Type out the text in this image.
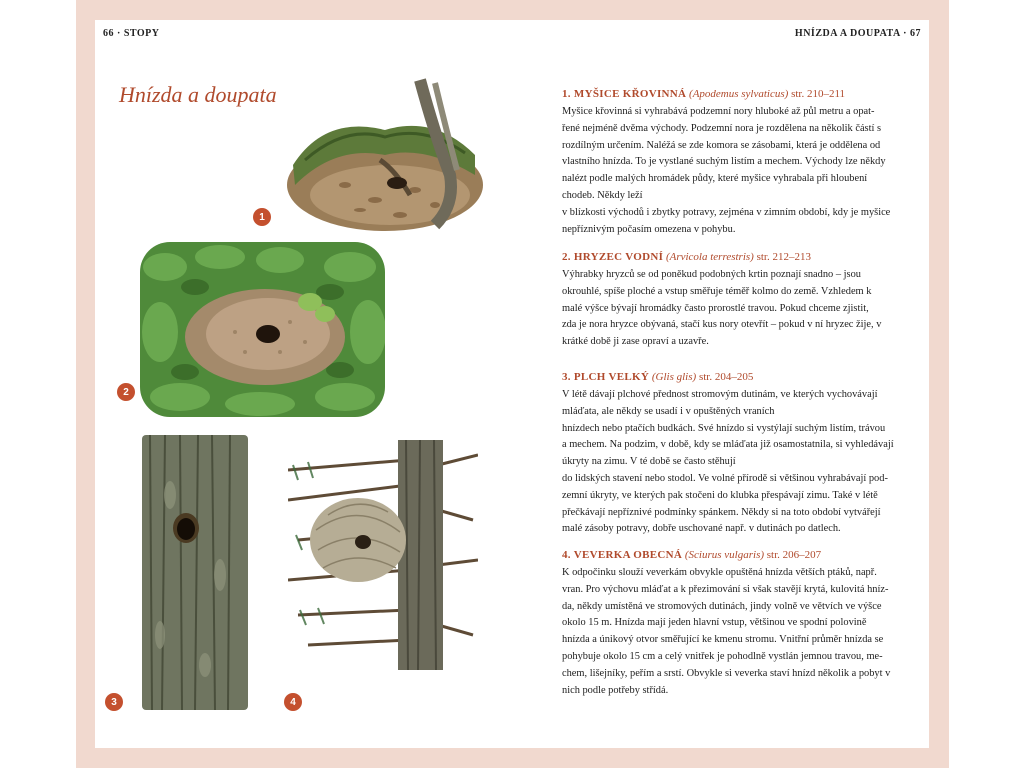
66 · STOPY	HNÍZDA A DOUPATA · 67
Hnízda a doupata
1
2
3	4
1. MYŠICE KŘOVINNÁ (Apodemus sylvaticus) str. 210–211

Myšice křovinná si vyhrabává podzemní nory hluboké až půl metru a opat-

řené nejméně dvěma východy. Podzemní nora je rozdělena na několik částí s

rozdílným určením. Naléžá se zde komora se zásobami, která je oddělena od

vlastního hnízda. To je vystlané suchým listím a mechem. Východy lze někdy

nalézt podle malých hromádek půdy, které myšice vyhrabala při hloubení

chodeb. Někdy leží

v blízkosti východů i zbytky potravy, zejména v zimním období, kdy je myšice

nepříznivým počasím omezena v pohybu.

2. HRYZEC VODNÍ (Arvicola terrestris) str. 212–213

Výhrabky hryzců se od poněkud podobných krtin poznají snadno – jsou

okrouhlé, spíše ploché a vstup směřuje téměř kolmo do země. Vzhledem k

malé výšce bývají hromádky často prorostlé travou. Pokud chceme zjistit,

zda je nora hryzce obývaná, stačí kus nory otevřít – pokud v ní hryzec žije, v

krátké době ji zase opraví a uzavře.

3. PLCH VELKÝ (Glis glis) str. 204–205

V létě dávají plchové přednost stromovým dutinám, ve kterých vychovávají

mláďata, ale někdy se usadí i v opuštěných vraních

hnízdech nebo ptačích budkách. Své hnízdo si vystýlají suchým listím, trávou

a mechem. Na podzim, v době, kdy se mláďata již osamostatnila, si vyhledávají

úkryty na zimu. V té době se často stěhují

do lidských stavení nebo stodol. Ve volné přírodě si většinou vyhrabávají pod-

zemní úkryty, ve kterých pak stočeni do klubka přespávají zimu. Také v létě

přečkávají nepříznivé podmínky spánkem. Někdy si na toto období vytvářejí

malé zásoby potravy, dobře uschované např. v dutinách po datlech.

4. VEVERKA OBECNÁ (Sciurus vulgaris) str. 206–207

K odpočinku slouží veverkám obvykle opuštěná hnízda větších ptáků, např.

vran. Pro výchovu mláďat a k přezimování si však stavějí krytá, kulovitá hníz-

da, někdy umístěná ve stromových dutinách, jindy volně ve větvích ve výšce

okolo 15 m. Hnízda mají jeden hlavní vstup, většinou ve spodní polovině

hnízda a únikový otvor směřující ke kmenu stromu. Vnitřní průměr hnízda se

pohybuje okolo 15 cm a celý vnitřek je pohodlně vystlán jemnou travou, me-

chem, lišejníky, peřím a srstí. Obvykle si veverka staví hnízd několik a pobyt v

nich podle potřeby střídá.
